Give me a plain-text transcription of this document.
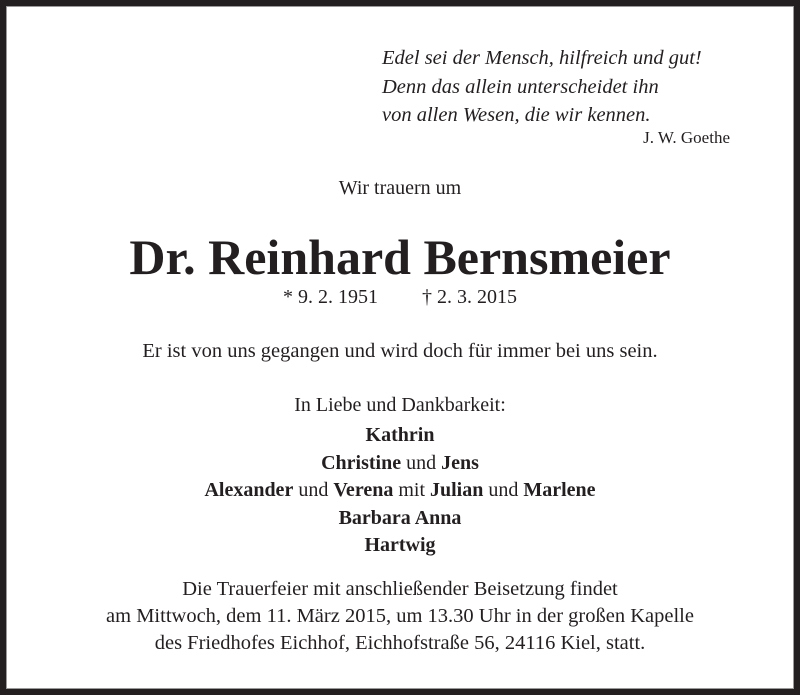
Edel sei der Mensch, hilfreich und gut!
Denn das allein unterscheidet ihn
von allen Wesen, die wir kennen.
J. W. Goethe
Wir trauern um
Dr. Reinhard Bernsmeier
* 9. 2. 1951 † 2. 3. 2015
Er ist von uns gegangen und wird doch für immer bei uns sein.
In Liebe und Dankbarkeit:
Kathrin
Christine und Jens
Alexander und Verena mit Julian und Marlene
Barbara Anna
Hartwig
Die Trauerfeier mit anschließender Beisetzung findet
am Mittwoch, dem 11. März 2015, um 13.30 Uhr in der großen Kapelle
des Friedhofes Eichhof, Eichhofstraße 56, 24116 Kiel, statt.
